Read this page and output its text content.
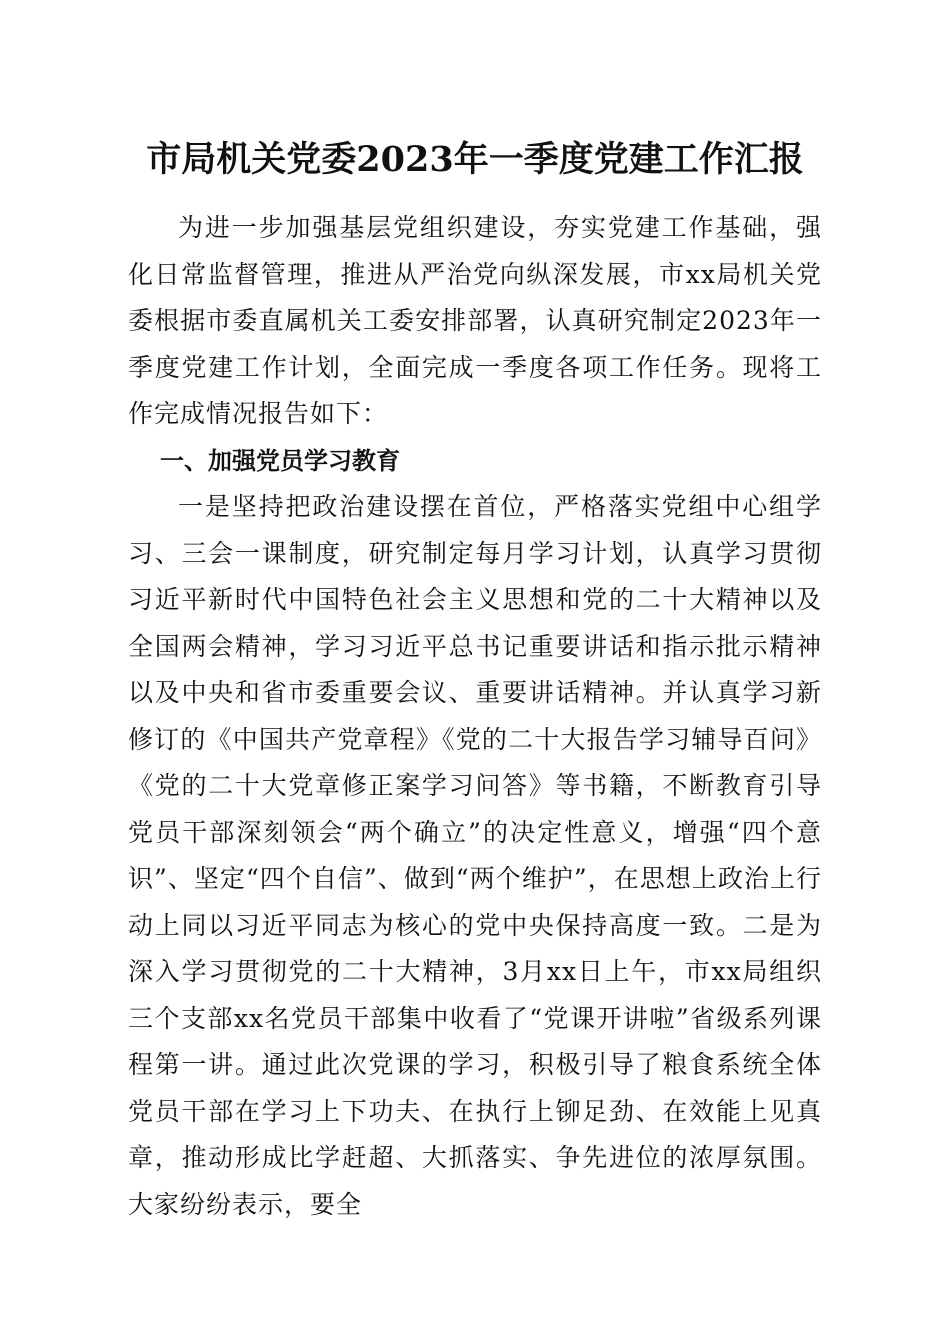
市局机关党委2023年一季度党建工作汇报

为进一步加强基层党组织建设，夯实党建工作基础，强化日常监督管理，推进从严治党向纵深发展，市xx局机关党委根据市委直属机关工委安排部署，认真研究制定2023年一季度党建工作计划，全面完成一季度各项工作任务。现将工作完成情况报告如下：

一、加强党员学习教育

一是坚持把政治建设摆在首位，严格落实党组中心组学习、三会一课制度，研究制定每月学习计划，认真学习贯彻习近平新时代中国特色社会主义思想和党的二十大精神以及全国两会精神，学习习近平总书记重要讲话和指示批示精神以及中央和省市委重要会议、重要讲话精神。并认真学习新修订的《中国共产党章程》《党的二十大报告学习辅导百问》《党的二十大党章修正案学习问答》等书籍，不断教育引导党员干部深刻领会“两个确立”的决定性意义，增强“四个意识”、坚定“四个自信”、做到“两个维护”，在思想上政治上行动上同以习近平同志为核心的党中央保持高度一致。二是为深入学习贯彻党的二十大精神，3月xx日上午，市xx局组织三个支部xx名党员干部集中收看了“党课开讲啦”省级系列课程第一讲。通过此次党课的学习，积极引导了粮食系统全体党员干部在学习上下功夫、在执行上铆足劲、在效能上见真章，推动形成比学赶超、大抓落实、争先进位的浓厚氛围。大家纷纷表示，要全
